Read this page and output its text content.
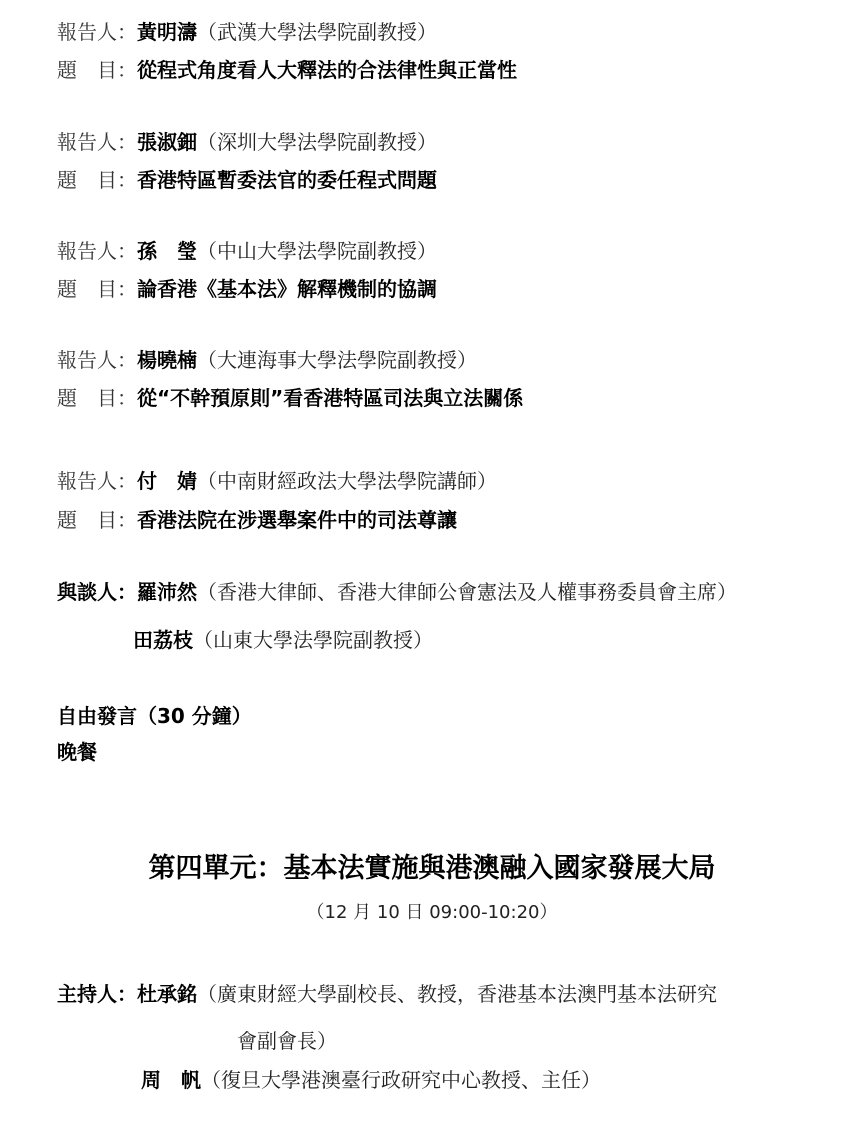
報告人：黃明濤（武漢大學法學院副教授）
題　目：從程式角度看人大釋法的合法律性與正當性
報告人：張淑鈿（深圳大學法學院副教授）
題　目：香港特區暫委法官的委任程式問題
報告人：孫　瑩（中山大學法學院副教授）
題　目：論香港《基本法》解釋機制的協調
報告人：楊曉楠（大連海事大學法學院副教授）
題　目：從“不幹預原則”看香港特區司法與立法關係
報告人：付　婧（中南財經政法大學法學院講師）
題　目：香港法院在涉選舉案件中的司法尊讓
與談人：羅沛然（香港大律師、香港大律師公會憲法及人權事務委員會主席）
田荔枝（山東大學法學院副教授）
自由發言（30 分鐘）
晚餐
第四單元：基本法實施與港澳融入國家發展大局
（12 月 10 日 09:00-10:20）
主持人：杜承銘（廣東財經大學副校長、教授，香港基本法澳門基本法研究
會副會長）
周　帆（復旦大學港澳臺行政研究中心教授、主任）
